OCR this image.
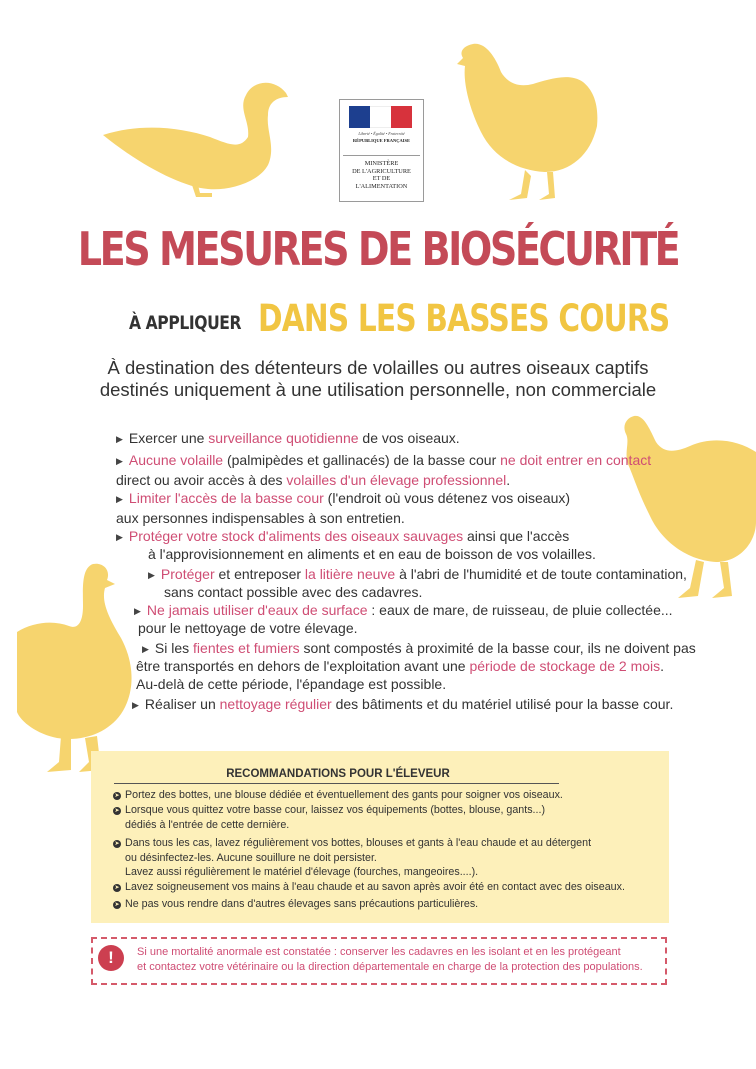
Liberté • Égalité • Fraternité
RÉPUBLIQUE FRANÇAISE
MINISTÈRE
DE L'AGRICULTURE
ET DE
L'ALIMENTATION
LES MESURES DE BIOSÉCURITÉ
À APPLIQUER DANS LES BASSES COURS
À destination des détenteurs de volailles ou autres oiseaux captifs
destinés uniquement à une utilisation personnelle, non commerciale
▶ Exercer une surveillance quotidienne de vos oiseaux.
▶ Aucune volaille (palmipèdes et gallinacés) de la basse cour ne doit entrer en contact
direct ou avoir accès à des volailles d'un élevage professionnel.
▶ Limiter l'accès de la basse cour (l'endroit où vous détenez vos oiseaux)
aux personnes indispensables à son entretien.
▶ Protéger votre stock d'aliments des oiseaux sauvages ainsi que l'accès
à l'approvisionnement en aliments et en eau de boisson de vos volailles.
▶ Protéger et entreposer la litière neuve à l'abri de l'humidité et de toute contamination,
sans contact possible avec des cadavres.
▶ Ne jamais utiliser d'eaux de surface : eaux de mare, de ruisseau, de pluie collectée...
pour le nettoyage de votre élevage.
▶ Si les fientes et fumiers sont compostés à proximité de la basse cour, ils ne doivent pas
être transportés en dehors de l'exploitation avant une période de stockage de 2 mois.
Au-delà de cette période, l'épandage est possible.
▶ Réaliser un nettoyage régulier des bâtiments et du matériel utilisé pour la basse cour.
RECOMMANDATIONS POUR L'ÉLEVEUR
➤ Portez des bottes, une blouse dédiée et éventuellement des gants pour soigner vos oiseaux.
➤ Lorsque vous quittez votre basse cour, laissez vos équipements (bottes, blouse, gants...)
dédiés à l'entrée de cette dernière.
➤ Dans tous les cas, lavez régulièrement vos bottes, blouses et gants à l'eau chaude et au détergent
ou désinfectez-les. Aucune souillure ne doit persister.
Lavez aussi régulièrement le matériel d'élevage (fourches, mangeoires....).
➤ Lavez soigneusement vos mains à l'eau chaude et au savon après avoir été en contact avec des oiseaux.
➤ Ne pas vous rendre dans d'autres élevages sans précautions particulières.
!	Si une mortalité anormale est constatée : conserver les cadavres en les isolant et en les protégeant
et contactez votre vétérinaire ou la direction départementale en charge de la protection des populations.
